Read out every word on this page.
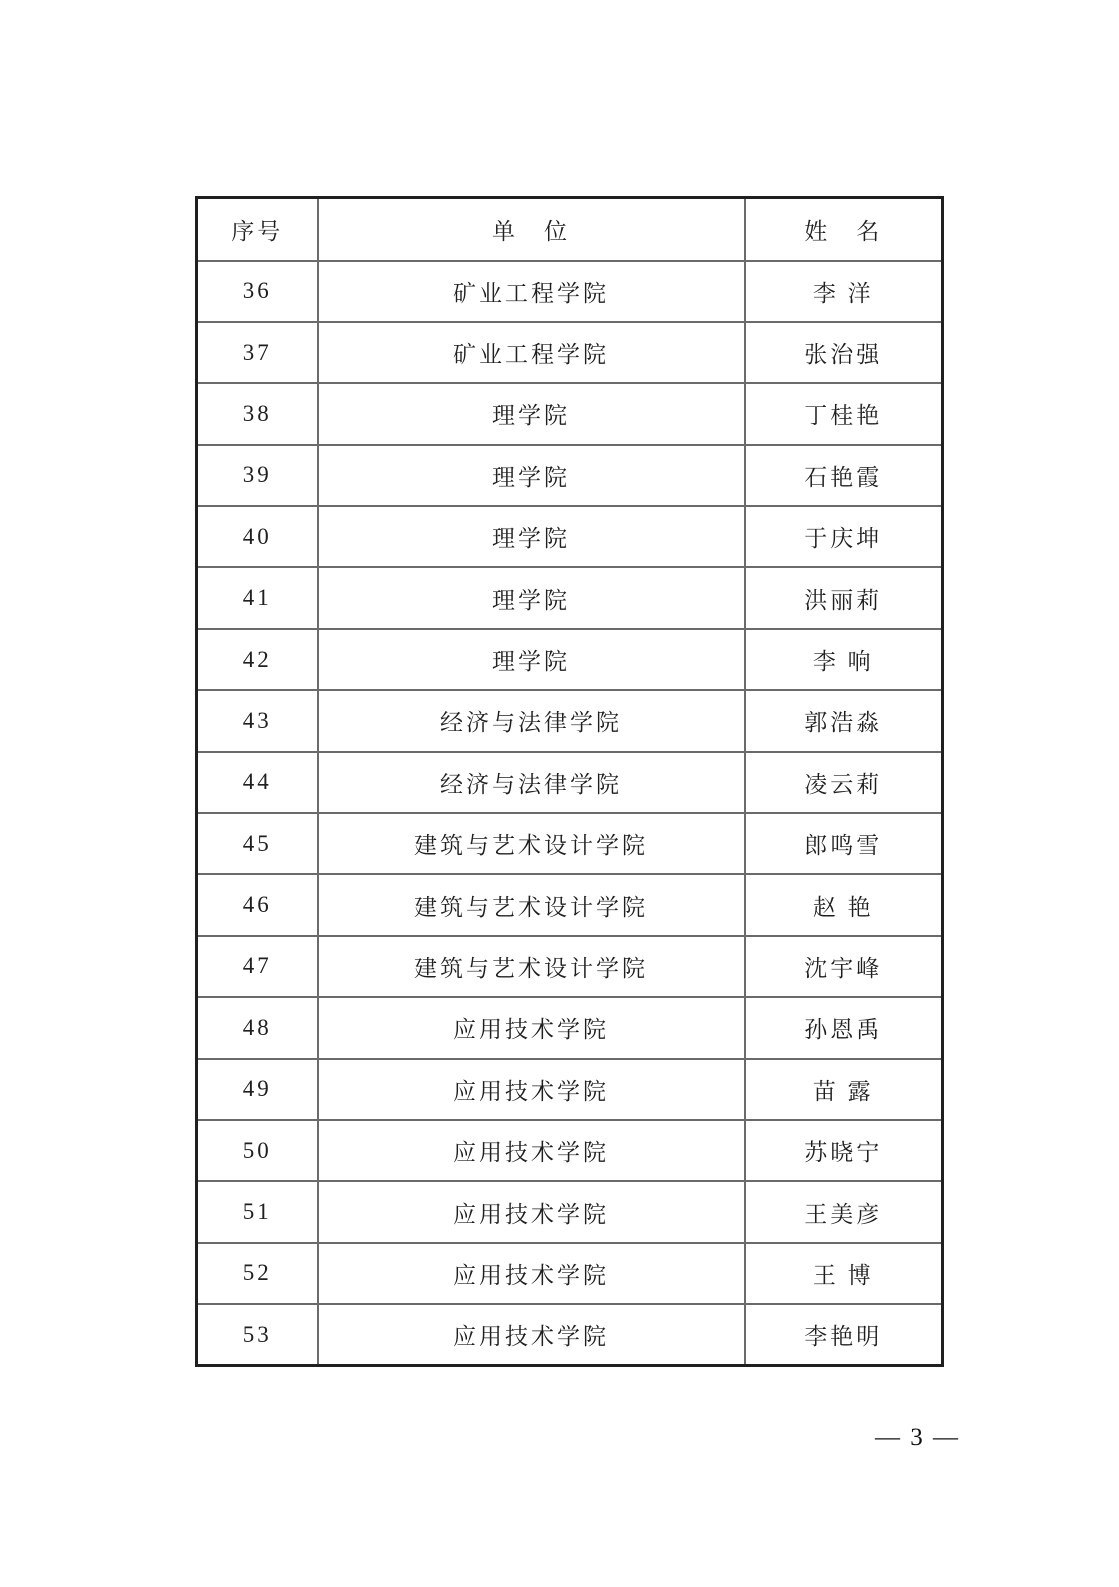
序号	单　位	姓　名
36	矿业工程学院	李 洋
37	矿业工程学院	张治强
38	理学院	丁桂艳
39	理学院	石艳霞
40	理学院	于庆坤
41	理学院	洪丽莉
42	理学院	李 响
43	经济与法律学院	郭浩淼
44	经济与法律学院	凌云莉
45	建筑与艺术设计学院	郎鸣雪
46	建筑与艺术设计学院	赵 艳
47	建筑与艺术设计学院	沈宇峰
48	应用技术学院	孙恩禹
49	应用技术学院	苗 露
50	应用技术学院	苏晓宁
51	应用技术学院	王美彦
52	应用技术学院	王 博
53	应用技术学院	李艳明
— 3 —
